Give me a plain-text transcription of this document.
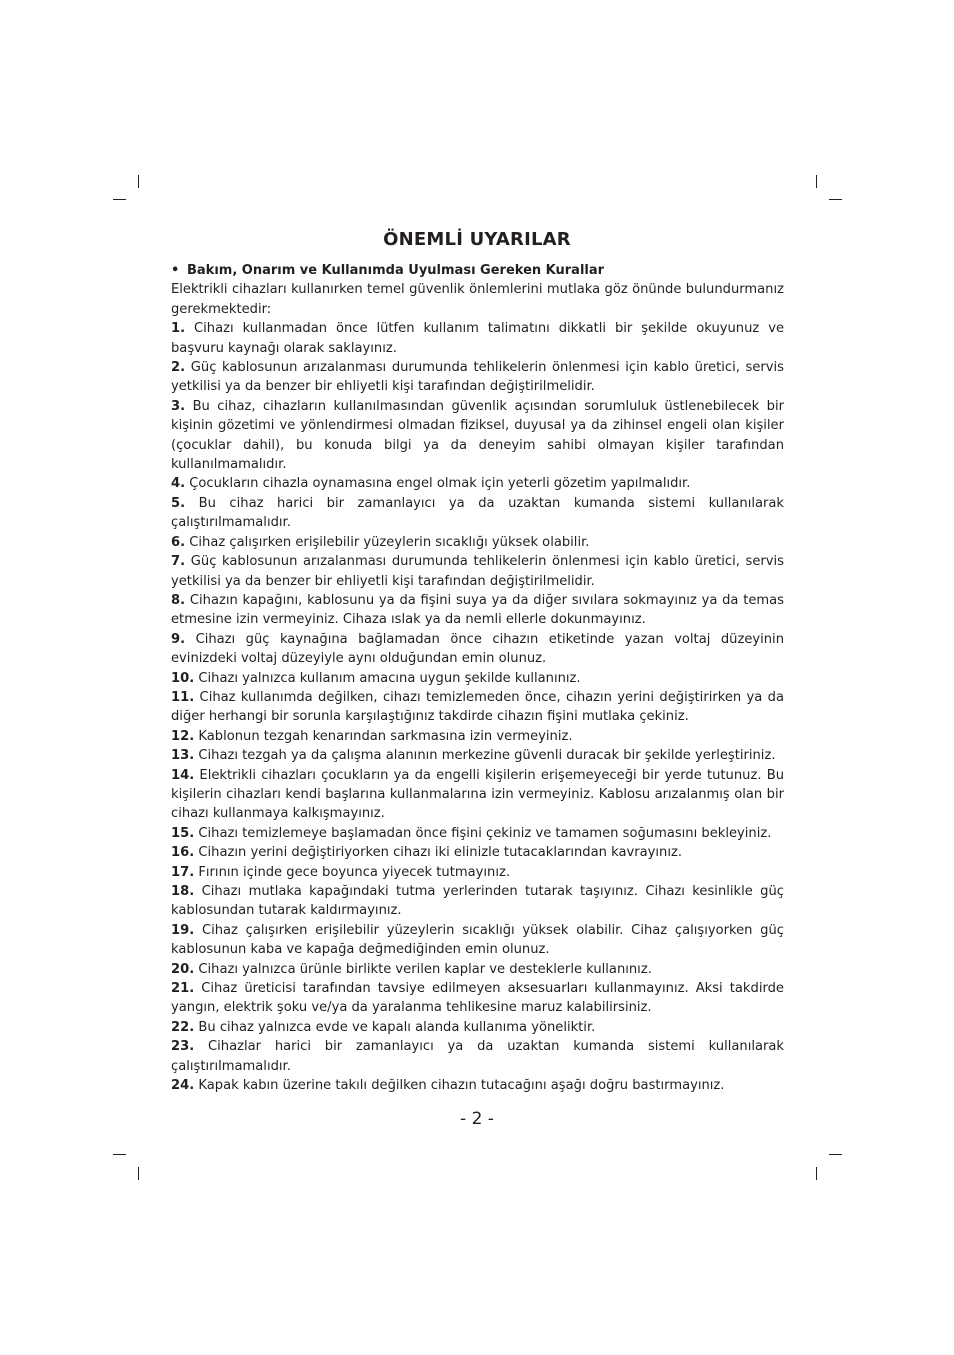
ÖNEMLİ UYARILAR

• Bakım, Onarım ve Kullanımda Uyulması Gereken Kurallar

Elektrikli cihazları kullanırken temel güvenlik önlemlerini mutlaka göz önünde bulundurmanız gerekmektedir:

1. Cihazı kullanmadan önce lütfen kullanım talimatını dikkatli bir şekilde okuyunuz ve başvuru kaynağı olarak saklayınız.

2. Güç kablosunun arızalanması durumunda tehlikelerin önlenmesi için kablo üretici, servis yetkilisi ya da benzer bir ehliyetli kişi tarafından değiştirilmelidir.

3. Bu cihaz, cihazların kullanılmasından güvenlik açısından sorumluluk üstlenebilecek bir kişinin gözetimi ve yönlendirmesi olmadan fiziksel, duyusal ya da zihinsel engeli olan kişiler (çocuklar dahil), bu konuda bilgi ya da deneyim sahibi olmayan kişiler tarafından kullanılmamalıdır.

4. Çocukların cihazla oynamasına engel olmak için yeterli gözetim yapılmalıdır.

5. Bu cihaz harici bir zamanlayıcı ya da uzaktan kumanda sistemi kullanılarak çalıştırılmamalıdır.

6. Cihaz çalışırken erişilebilir yüzeylerin sıcaklığı yüksek olabilir.

7. Güç kablosunun arızalanması durumunda tehlikelerin önlenmesi için kablo üretici, servis yetkilisi ya da benzer bir ehliyetli kişi tarafından değiştirilmelidir.

8. Cihazın kapağını, kablosunu ya da fişini suya ya da diğer sıvılara sokmayınız ya da temas etmesine izin vermeyiniz. Cihaza ıslak ya da nemli ellerle dokunmayınız.

9. Cihazı güç kaynağına bağlamadan önce cihazın etiketinde yazan voltaj düzeyinin evinizdeki voltaj düzeyiyle aynı olduğundan emin olunuz.

10. Cihazı yalnızca kullanım amacına uygun şekilde kullanınız.

11. Cihaz kullanımda değilken, cihazı temizlemeden önce, cihazın yerini değiştirirken ya da diğer herhangi bir sorunla karşılaştığınız takdirde cihazın fişini mutlaka çekiniz.

12. Kablonun tezgah kenarından sarkmasına izin vermeyiniz.

13. Cihazı tezgah ya da çalışma alanının merkezine güvenli duracak bir şekilde yerleştiriniz.

14. Elektrikli cihazları çocukların ya da engelli kişilerin erişemeyeceği bir yerde tutunuz. Bu kişilerin cihazları kendi başlarına kullanmalarına izin vermeyiniz. Kablosu arızalanmış olan bir cihazı kullanmaya kalkışmayınız.

15. Cihazı temizlemeye başlamadan önce fişini çekiniz ve tamamen soğumasını bekleyiniz.

16. Cihazın yerini değiştiriyorken cihazı iki elinizle tutacaklarından kavrayınız.

17. Fırının içinde gece boyunca yiyecek tutmayınız.

18. Cihazı mutlaka kapağındaki tutma yerlerinden tutarak taşıyınız. Cihazı kesinlikle güç kablosundan tutarak kaldırmayınız.

19. Cihaz çalışırken erişilebilir yüzeylerin sıcaklığı yüksek olabilir. Cihaz çalışıyorken güç kablosunun kaba ve kapağa değmediğinden emin olunuz.

20. Cihazı yalnızca ürünle birlikte verilen kaplar ve desteklerle kullanınız.

21. Cihaz üreticisi tarafından tavsiye edilmeyen aksesuarları kullanmayınız. Aksi takdirde yangın, elektrik şoku ve/ya da yaralanma tehlikesine maruz kalabilirsiniz.

22. Bu cihaz yalnızca evde ve kapalı alanda kullanıma yöneliktir.

23. Cihazlar harici bir zamanlayıcı ya da uzaktan kumanda sistemi kullanılarak çalıştırılmamalıdır.

24. Kapak kabın üzerine takılı değilken cihazın tutacağını aşağı doğru bastırmayınız.

- 2 -
